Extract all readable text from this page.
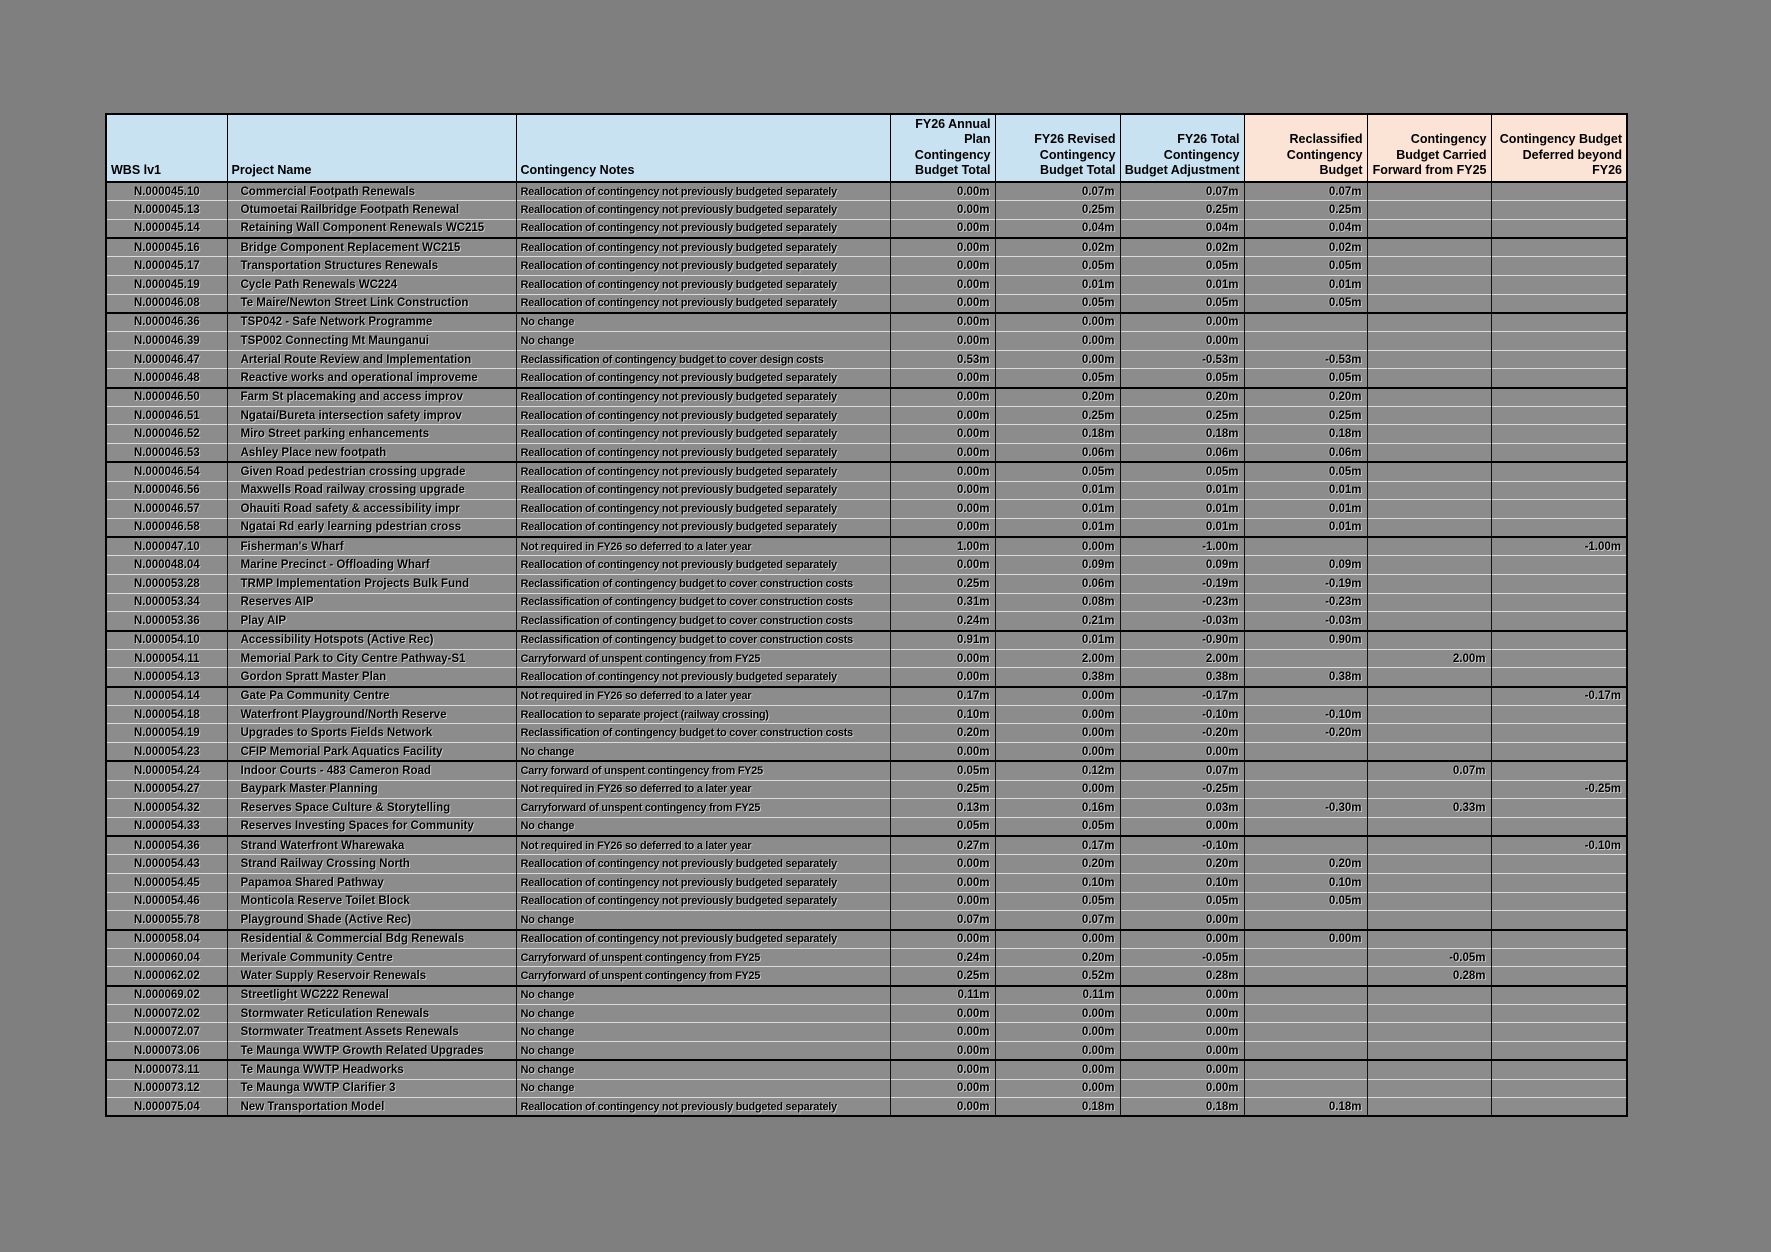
WBS lv1	Project Name	Contingency Notes	FY26 Annual Plan Contingency Budget Total	FY26 Revised Contingency Budget Total	FY26 Total Contingency Budget Adjustment	Reclassified Contingency Budget	Contingency Budget Carried Forward from FY25	Contingency Budget Deferred beyond FY26
N.000045.10	Commercial Footpath Renewals	Reallocation of contingency not previously budgeted separately	0.00m	0.07m	0.07m	0.07m		
N.000045.13	Otumoetai Railbridge Footpath Renewal	Reallocation of contingency not previously budgeted separately	0.00m	0.25m	0.25m	0.25m		
N.000045.14	Retaining Wall Component Renewals WC215	Reallocation of contingency not previously budgeted separately	0.00m	0.04m	0.04m	0.04m		
N.000045.16	Bridge Component Replacement WC215	Reallocation of contingency not previously budgeted separately	0.00m	0.02m	0.02m	0.02m		
N.000045.17	Transportation Structures Renewals	Reallocation of contingency not previously budgeted separately	0.00m	0.05m	0.05m	0.05m		
N.000045.19	Cycle Path Renewals WC224	Reallocation of contingency not previously budgeted separately	0.00m	0.01m	0.01m	0.01m		
N.000046.08	Te Maire/Newton Street Link Construction	Reallocation of contingency not previously budgeted separately	0.00m	0.05m	0.05m	0.05m		
N.000046.36	TSP042 - Safe Network Programme	No change	0.00m	0.00m	0.00m			
N.000046.39	TSP002 Connecting Mt Maunganui	No change	0.00m	0.00m	0.00m			
N.000046.47	Arterial Route Review and Implementation	Reclassification of contingency budget to cover design costs	0.53m	0.00m	-0.53m	-0.53m		
N.000046.48	Reactive works and operational improveme	Reallocation of contingency not previously budgeted separately	0.00m	0.05m	0.05m	0.05m		
N.000046.50	Farm St placemaking and access improv	Reallocation of contingency not previously budgeted separately	0.00m	0.20m	0.20m	0.20m		
N.000046.51	Ngatai/Bureta intersection safety improv	Reallocation of contingency not previously budgeted separately	0.00m	0.25m	0.25m	0.25m		
N.000046.52	Miro Street parking enhancements	Reallocation of contingency not previously budgeted separately	0.00m	0.18m	0.18m	0.18m		
N.000046.53	Ashley Place new footpath	Reallocation of contingency not previously budgeted separately	0.00m	0.06m	0.06m	0.06m		
N.000046.54	Given Road pedestrian crossing upgrade	Reallocation of contingency not previously budgeted separately	0.00m	0.05m	0.05m	0.05m		
N.000046.56	Maxwells Road railway crossing upgrade	Reallocation of contingency not previously budgeted separately	0.00m	0.01m	0.01m	0.01m		
N.000046.57	Ohauiti Road safety & accessibility impr	Reallocation of contingency not previously budgeted separately	0.00m	0.01m	0.01m	0.01m		
N.000046.58	Ngatai Rd early learning pdestrian cross	Reallocation of contingency not previously budgeted separately	0.00m	0.01m	0.01m	0.01m		
N.000047.10	Fisherman's Wharf	Not required in FY26 so deferred to a later year	1.00m	0.00m	-1.00m			-1.00m
N.000048.04	Marine Precinct - Offloading Wharf	Reallocation of contingency not previously budgeted separately	0.00m	0.09m	0.09m	0.09m		
N.000053.28	TRMP Implementation Projects Bulk Fund	Reclassification of contingency budget to cover construction costs	0.25m	0.06m	-0.19m	-0.19m		
N.000053.34	Reserves AIP	Reclassification of contingency budget to cover construction costs	0.31m	0.08m	-0.23m	-0.23m		
N.000053.36	Play AIP	Reclassification of contingency budget to cover construction costs	0.24m	0.21m	-0.03m	-0.03m		
N.000054.10	Accessibility Hotspots (Active Rec)	Reclassification of contingency budget to cover construction costs	0.91m	0.01m	-0.90m	0.90m		
N.000054.11	Memorial Park to City Centre Pathway-S1	Carryforward of unspent contingency from FY25	0.00m	2.00m	2.00m		2.00m	
N.000054.13	Gordon Spratt Master Plan	Reallocation of contingency not previously budgeted separately	0.00m	0.38m	0.38m	0.38m		
N.000054.14	Gate Pa Community Centre	Not required in FY26 so deferred to a later year	0.17m	0.00m	-0.17m			-0.17m
N.000054.18	Waterfront Playground/North Reserve	Reallocation to separate project (railway crossing)	0.10m	0.00m	-0.10m	-0.10m		
N.000054.19	Upgrades to Sports Fields Network	Reclassification of contingency budget to cover construction costs	0.20m	0.00m	-0.20m	-0.20m		
N.000054.23	CFIP Memorial Park Aquatics Facility	No change	0.00m	0.00m	0.00m			
N.000054.24	Indoor Courts - 483 Cameron Road	Carry forward of unspent contingency from FY25	0.05m	0.12m	0.07m		0.07m	
N.000054.27	Baypark Master Planning	Not required in FY26 so deferred to a later year	0.25m	0.00m	-0.25m			-0.25m
N.000054.32	Reserves Space Culture & Storytelling	Carryforward of unspent contingency from FY25	0.13m	0.16m	0.03m	-0.30m	0.33m	
N.000054.33	Reserves Investing Spaces for Community	No change	0.05m	0.05m	0.00m			
N.000054.36	Strand Waterfront Wharewaka	Not required in FY26 so deferred to a later year	0.27m	0.17m	-0.10m			-0.10m
N.000054.43	Strand Railway Crossing North	Reallocation of contingency not previously budgeted separately	0.00m	0.20m	0.20m	0.20m		
N.000054.45	Papamoa Shared Pathway	Reallocation of contingency not previously budgeted separately	0.00m	0.10m	0.10m	0.10m		
N.000054.46	Monticola Reserve Toilet Block	Reallocation of contingency not previously budgeted separately	0.00m	0.05m	0.05m	0.05m		
N.000055.78	Playground Shade (Active Rec)	No change	0.07m	0.07m	0.00m			
N.000058.04	Residential & Commercial Bdg Renewals	Reallocation of contingency not previously budgeted separately	0.00m	0.00m	0.00m	0.00m		
N.000060.04	Merivale Community Centre	Carryforward of unspent contingency from FY25	0.24m	0.20m	-0.05m		-0.05m	
N.000062.02	Water Supply Reservoir Renewals	Carryforward of unspent contingency from FY25	0.25m	0.52m	0.28m		0.28m	
N.000069.02	Streetlight WC222 Renewal	No change	0.11m	0.11m	0.00m			
N.000072.02	Stormwater Reticulation Renewals	No change	0.00m	0.00m	0.00m			
N.000072.07	Stormwater Treatment Assets Renewals	No change	0.00m	0.00m	0.00m			
N.000073.06	Te Maunga WWTP Growth Related Upgrades	No change	0.00m	0.00m	0.00m			
N.000073.11	Te Maunga WWTP Headworks	No change	0.00m	0.00m	0.00m			
N.000073.12	Te Maunga WWTP Clarifier 3	No change	0.00m	0.00m	0.00m			
N.000075.04	New Transportation Model	Reallocation of contingency not previously budgeted separately	0.00m	0.18m	0.18m	0.18m		
